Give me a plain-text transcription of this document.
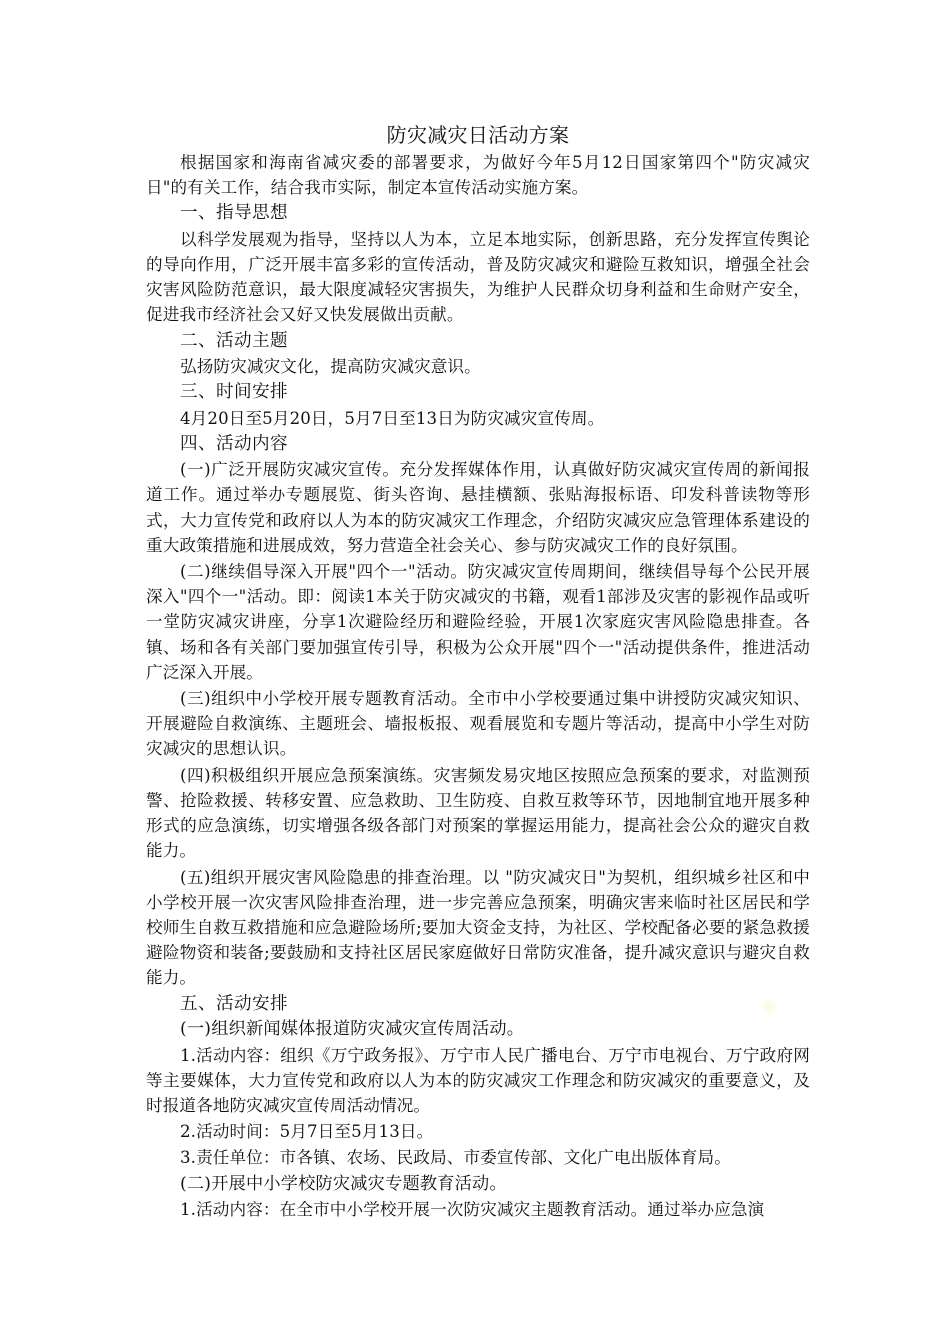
防灾减灾日活动方案

根据国家和海南省减灾委的部署要求，为做好今年5月12日国家第四个"防灾减灾日"的有关工作，结合我市实际，制定本宣传活动实施方案。

一、指导思想

以科学发展观为指导，坚持以人为本，立足本地实际，创新思路，充分发挥宣传舆论的导向作用，广泛开展丰富多彩的宣传活动，普及防灾减灾和避险互救知识，增强全社会灾害风险防范意识，最大限度减轻灾害损失，为维护人民群众切身利益和生命财产安全，促进我市经济社会又好又快发展做出贡献。

二、活动主题

弘扬防灾减灾文化，提高防灾减灾意识。

三、时间安排

4月20日至5月20日，5月7日至13日为防灾减灾宣传周。

四、活动内容

(一)广泛开展防灾减灾宣传。充分发挥媒体作用，认真做好防灾减灾宣传周的新闻报道工作。通过举办专题展览、街头咨询、悬挂横额、张贴海报标语、印发科普读物等形式，大力宣传党和政府以人为本的防灾减灾工作理念，介绍防灾减灾应急管理体系建设的重大政策措施和进展成效，努力营造全社会关心、参与防灾减灾工作的良好氛围。

(二)继续倡导深入开展"四个一"活动。防灾减灾宣传周期间，继续倡导每个公民开展深入"四个一"活动。即：阅读1本关于防灾减灾的书籍，观看1部涉及灾害的影视作品或听一堂防灾减灾讲座，分享1次避险经历和避险经验，开展1次家庭灾害风险隐患排查。各镇、场和各有关部门要加强宣传引导，积极为公众开展"四个一"活动提供条件，推进活动广泛深入开展。

(三)组织中小学校开展专题教育活动。全市中小学校要通过集中讲授防灾减灾知识、开展避险自救演练、主题班会、墙报板报、观看展览和专题片等活动，提高中小学生对防灾减灾的思想认识。

(四)积极组织开展应急预案演练。灾害频发易灾地区按照应急预案的要求，对监测预警、抢险救援、转移安置、应急救助、卫生防疫、自救互救等环节，因地制宜地开展多种形式的应急演练，切实增强各级各部门对预案的掌握运用能力，提高社会公众的避灾自救能力。

(五)组织开展灾害风险隐患的排查治理。以 "防灾减灾日"为契机，组织城乡社区和中小学校开展一次灾害风险排查治理，进一步完善应急预案，明确灾害来临时社区居民和学校师生自救互救措施和应急避险场所;要加大资金支持，为社区、学校配备必要的紧急救援避险物资和装备;要鼓励和支持社区居民家庭做好日常防灾准备，提升减灾意识与避灾自救能力。

五、活动安排

(一)组织新闻媒体报道防灾减灾宣传周活动。

1.活动内容：组织《万宁政务报》、万宁市人民广播电台、万宁市电视台、万宁政府网等主要媒体，大力宣传党和政府以人为本的防灾减灾工作理念和防灾减灾的重要意义，及时报道各地防灾减灾宣传周活动情况。

2.活动时间：5月7日至5月13日。

3.责任单位：市各镇、农场、民政局、市委宣传部、文化广电出版体育局。

(二)开展中小学校防灾减灾专题教育活动。

1.活动内容：在全市中小学校开展一次防灾减灾主题教育活动。通过举办应急演
